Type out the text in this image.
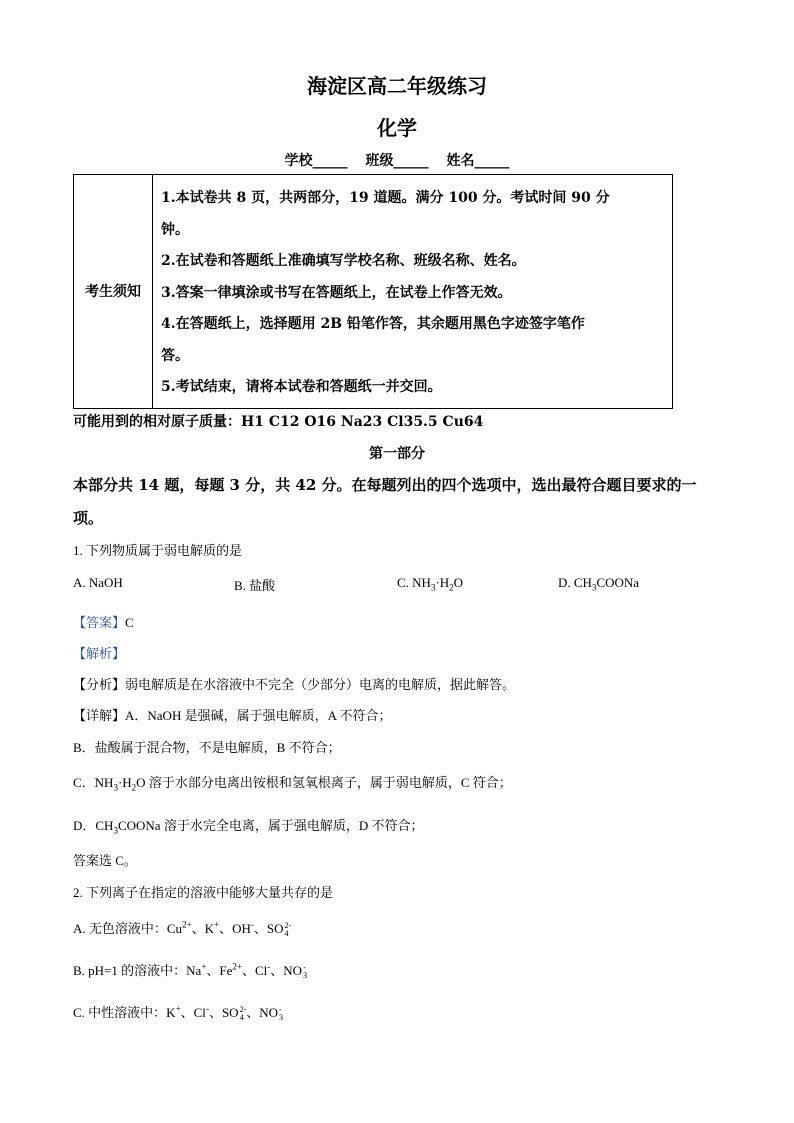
海淀区高二年级练习
化学
学校_____ 班级_____ 姓名_____
考生须知	
1.本试卷共 8 页，共两部分，19 道题。满分 100 分。考试时间 90 分
钟。
2.在试卷和答题纸上准确填写学校名称、班级名称、姓名。
3.答案一律填涂或书写在答题纸上，在试卷上作答无效。
4.在答题纸上，选择题用 2B 铅笔作答，其余题用黑色字迹签字笔作
答。
5.考试结束，请将本试卷和答题纸一并交回。
可能用到的相对原子质量：H1 C12 O16 Na23 Cl35.5 Cu64
第一部分
本部分共 14 题，每题 3 分，共 42 分。在每题列出的四个选项中，选出最符合题目要求的一
项。
1. 下列物质属于弱电解质的是
A. NaOH	B. 盐酸	C. $NH_3\cdot H_2O$	D. $CH_3COONa$
【答案】C
【解析】
【分析】弱电解质是在水溶液中不完全（少部分）电离的电解质，据此解答。
【详解】A．NaOH 是强碱，属于强电解质，A 不符合；
B．盐酸属于混合物，不是电解质，B 不符合；
C．$NH_3\cdot H_2O$ 溶于水部分电离出铵根和氢氧根离子，属于弱电解质，C 符合；
D．$CH_3COONa$ 溶于水完全电离，属于强电解质，D 不符合；
答案选 C。
2. 下列离子在指定的溶液中能够大量共存的是
A. 无色溶液中：$Cu^{2+}$、K+、OH-、SO 2-
4
B. pH=1 的溶液中：Na+、$Fe^{2+}$、Cl-、NO -
3
C. 中性溶液中：K+、Cl-、SO 2-
4 、NO -
3
